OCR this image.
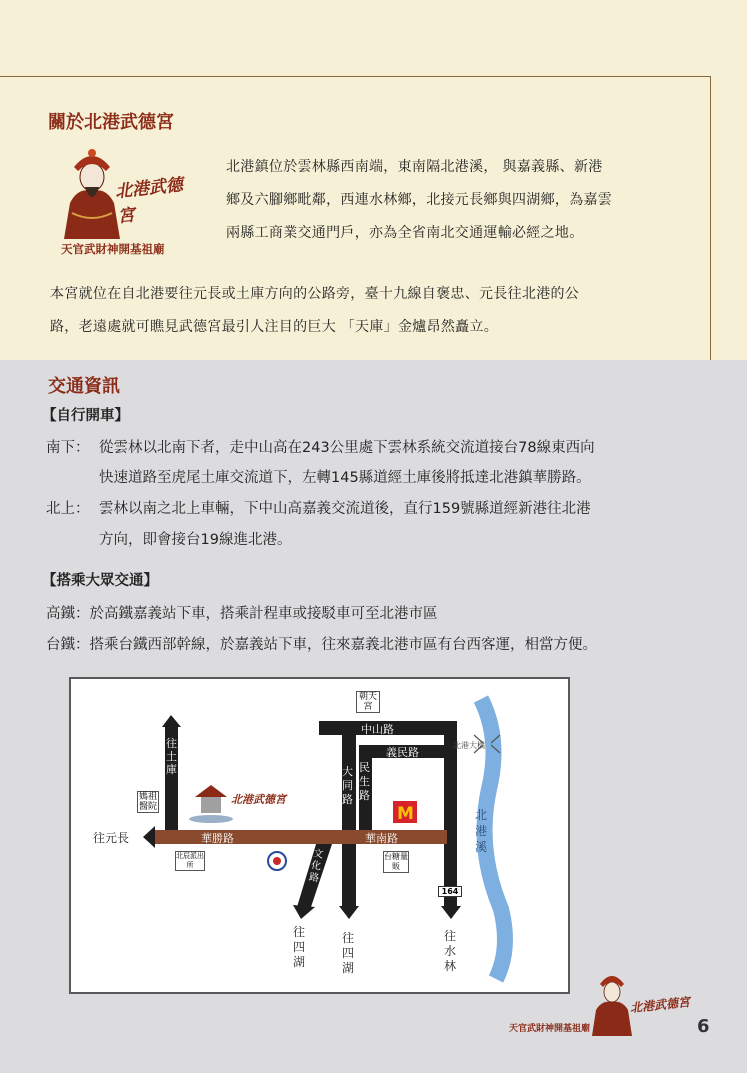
關於北港武德宮
北港武德宮
天官武財神開基祖廟
北港鎮位於雲林縣西南端，東南隔北港溪， 與嘉義縣、新港
鄉及六腳鄉毗鄰，西連水林鄉，北接元長鄉與四湖鄉，為嘉雲
兩縣工商業交通門戶，亦為全省南北交通運輸必經之地。
本宮就位在自北港要往元長或土庫方向的公路旁，臺十九線自褒忠、元長往北港的公
路，老遠處就可瞧見武德宮最引人注目的巨大 「天庫」金爐昂然矗立。
交通資訊
【自行開車】
南下： 從雲林以北南下者，走中山高在243公里處下雲林系統交流道接台78線東西向
快速道路至虎尾土庫交流道下，左轉145縣道經土庫後將抵達北港鎮華勝路。
北上： 雲林以南之北上車輛，下中山高嘉義交流道後，直行159號縣道經新港往北港
方向，即會接台19線進北港。
【搭乘大眾交通】
高鐵：於高鐵嘉義站下車，搭乘計程車或接駁車可至北港市區
台鐵：搭乘台鐵西部幹線，於嘉義站下車，往來嘉義北港市區有台西客運，相當方便。
M
朝天宮
中山路
義民路
北港大橋
往土庫	大同路
民生路
媽祖醫院
北港武德宮
北港溪
往元長	華勝路	華南路
北辰派出所
文化路
台糖量販
164
往四湖
往四湖
往水林
北港武德宮
天官武財神開基祖廟	6
